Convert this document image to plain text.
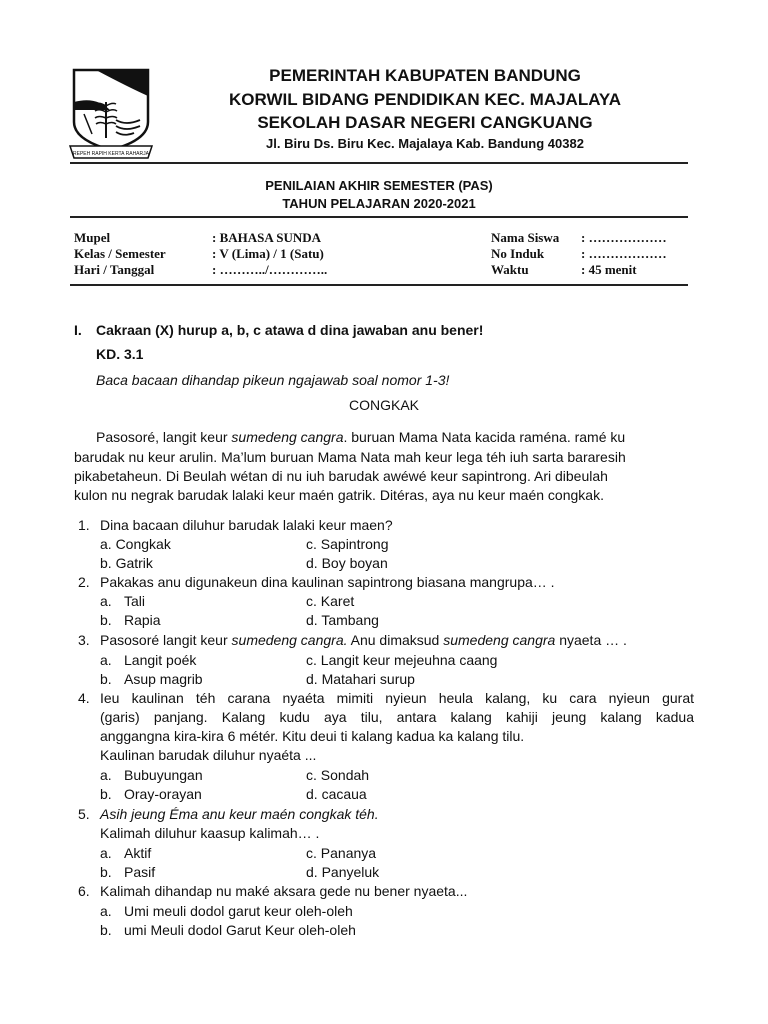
REPEH RAPIH KERTA RAHARJA
PEMERINTAH KABUPATEN BANDUNG
KORWIL BIDANG PENDIDIKAN KEC. MAJALAYA
SEKOLAH DASAR NEGERI CANGKUANG
Jl. Biru Ds. Biru Kec. Majalaya Kab. Bandung 40382
PENILAIAN AKHIR SEMESTER (PAS)
TAHUN PELAJARAN 2020-2021
Mupel	: BAHASA SUNDA
Kelas / Semester	: V (Lima) / 1 (Satu)
Hari / Tanggal	: ………../…………..
Nama Siswa : ………………
No Induk	: ………………
Waktu	: 45 menit
I. Cakraan (X) hurup a, b, c atawa d dina jawaban anu bener!
KD. 3.1
Baca bacaan dihandap pikeun ngajawab soal nomor 1-3!
CONGKAK
Pasosoré, langit keur sumedeng cangra. buruan Mama Nata kacida raména. ramé ku
barudak nu keur arulin. Ma’lum buruan Mama Nata mah keur lega téh iuh sarta bararesih
pikabetaheun. Di Beulah wétan di nu iuh barudak awéwé keur sapintrong. Ari dibeulah
kulon nu negrak barudak lalaki keur maén gatrik. Ditéras, aya nu keur maén congkak.
1. Dina bacaan diluhur barudak lalaki keur maen?
a. Congkak	c. Sapintrong
b. Gatrik	d. Boy boyan
2. Pakakas anu digunakeun dina kaulinan sapintrong biasana mangrupa… .
a. Tali	c. Karet
b. Rapia	d. Tambang
3. Pasosoré langit keur sumedeng cangra. Anu dimaksud sumedeng cangra nyaeta … .
a. Langit poék	c. Langit keur mejeuhna caang
b. Asup magrib	d. Matahari surup
4. Ieu kaulinan téh carana nyaéta mimiti nyieun heula kalang, ku cara nyieun gurat
(garis) panjang. Kalang kudu aya tilu, antara kalang kahiji jeung kalang kadua
anggangna kira-kira 6 métér. Kitu deui ti kalang kadua ka kalang tilu.
Kaulinan barudak diluhur nyaéta ...
a. Bubuyungan	c. Sondah
b. Oray-orayan	d. cacaua
5. Asih jeung Éma anu keur maén congkak téh.
Kalimah diluhur kaasup kalimah… .
a. Aktif	c. Pananya
b. Pasif	d. Panyeluk
6. Kalimah dihandap nu maké aksara gede nu bener nyaeta...
a. Umi meuli dodol garut keur oleh-oleh
b. umi Meuli dodol Garut Keur oleh-oleh
